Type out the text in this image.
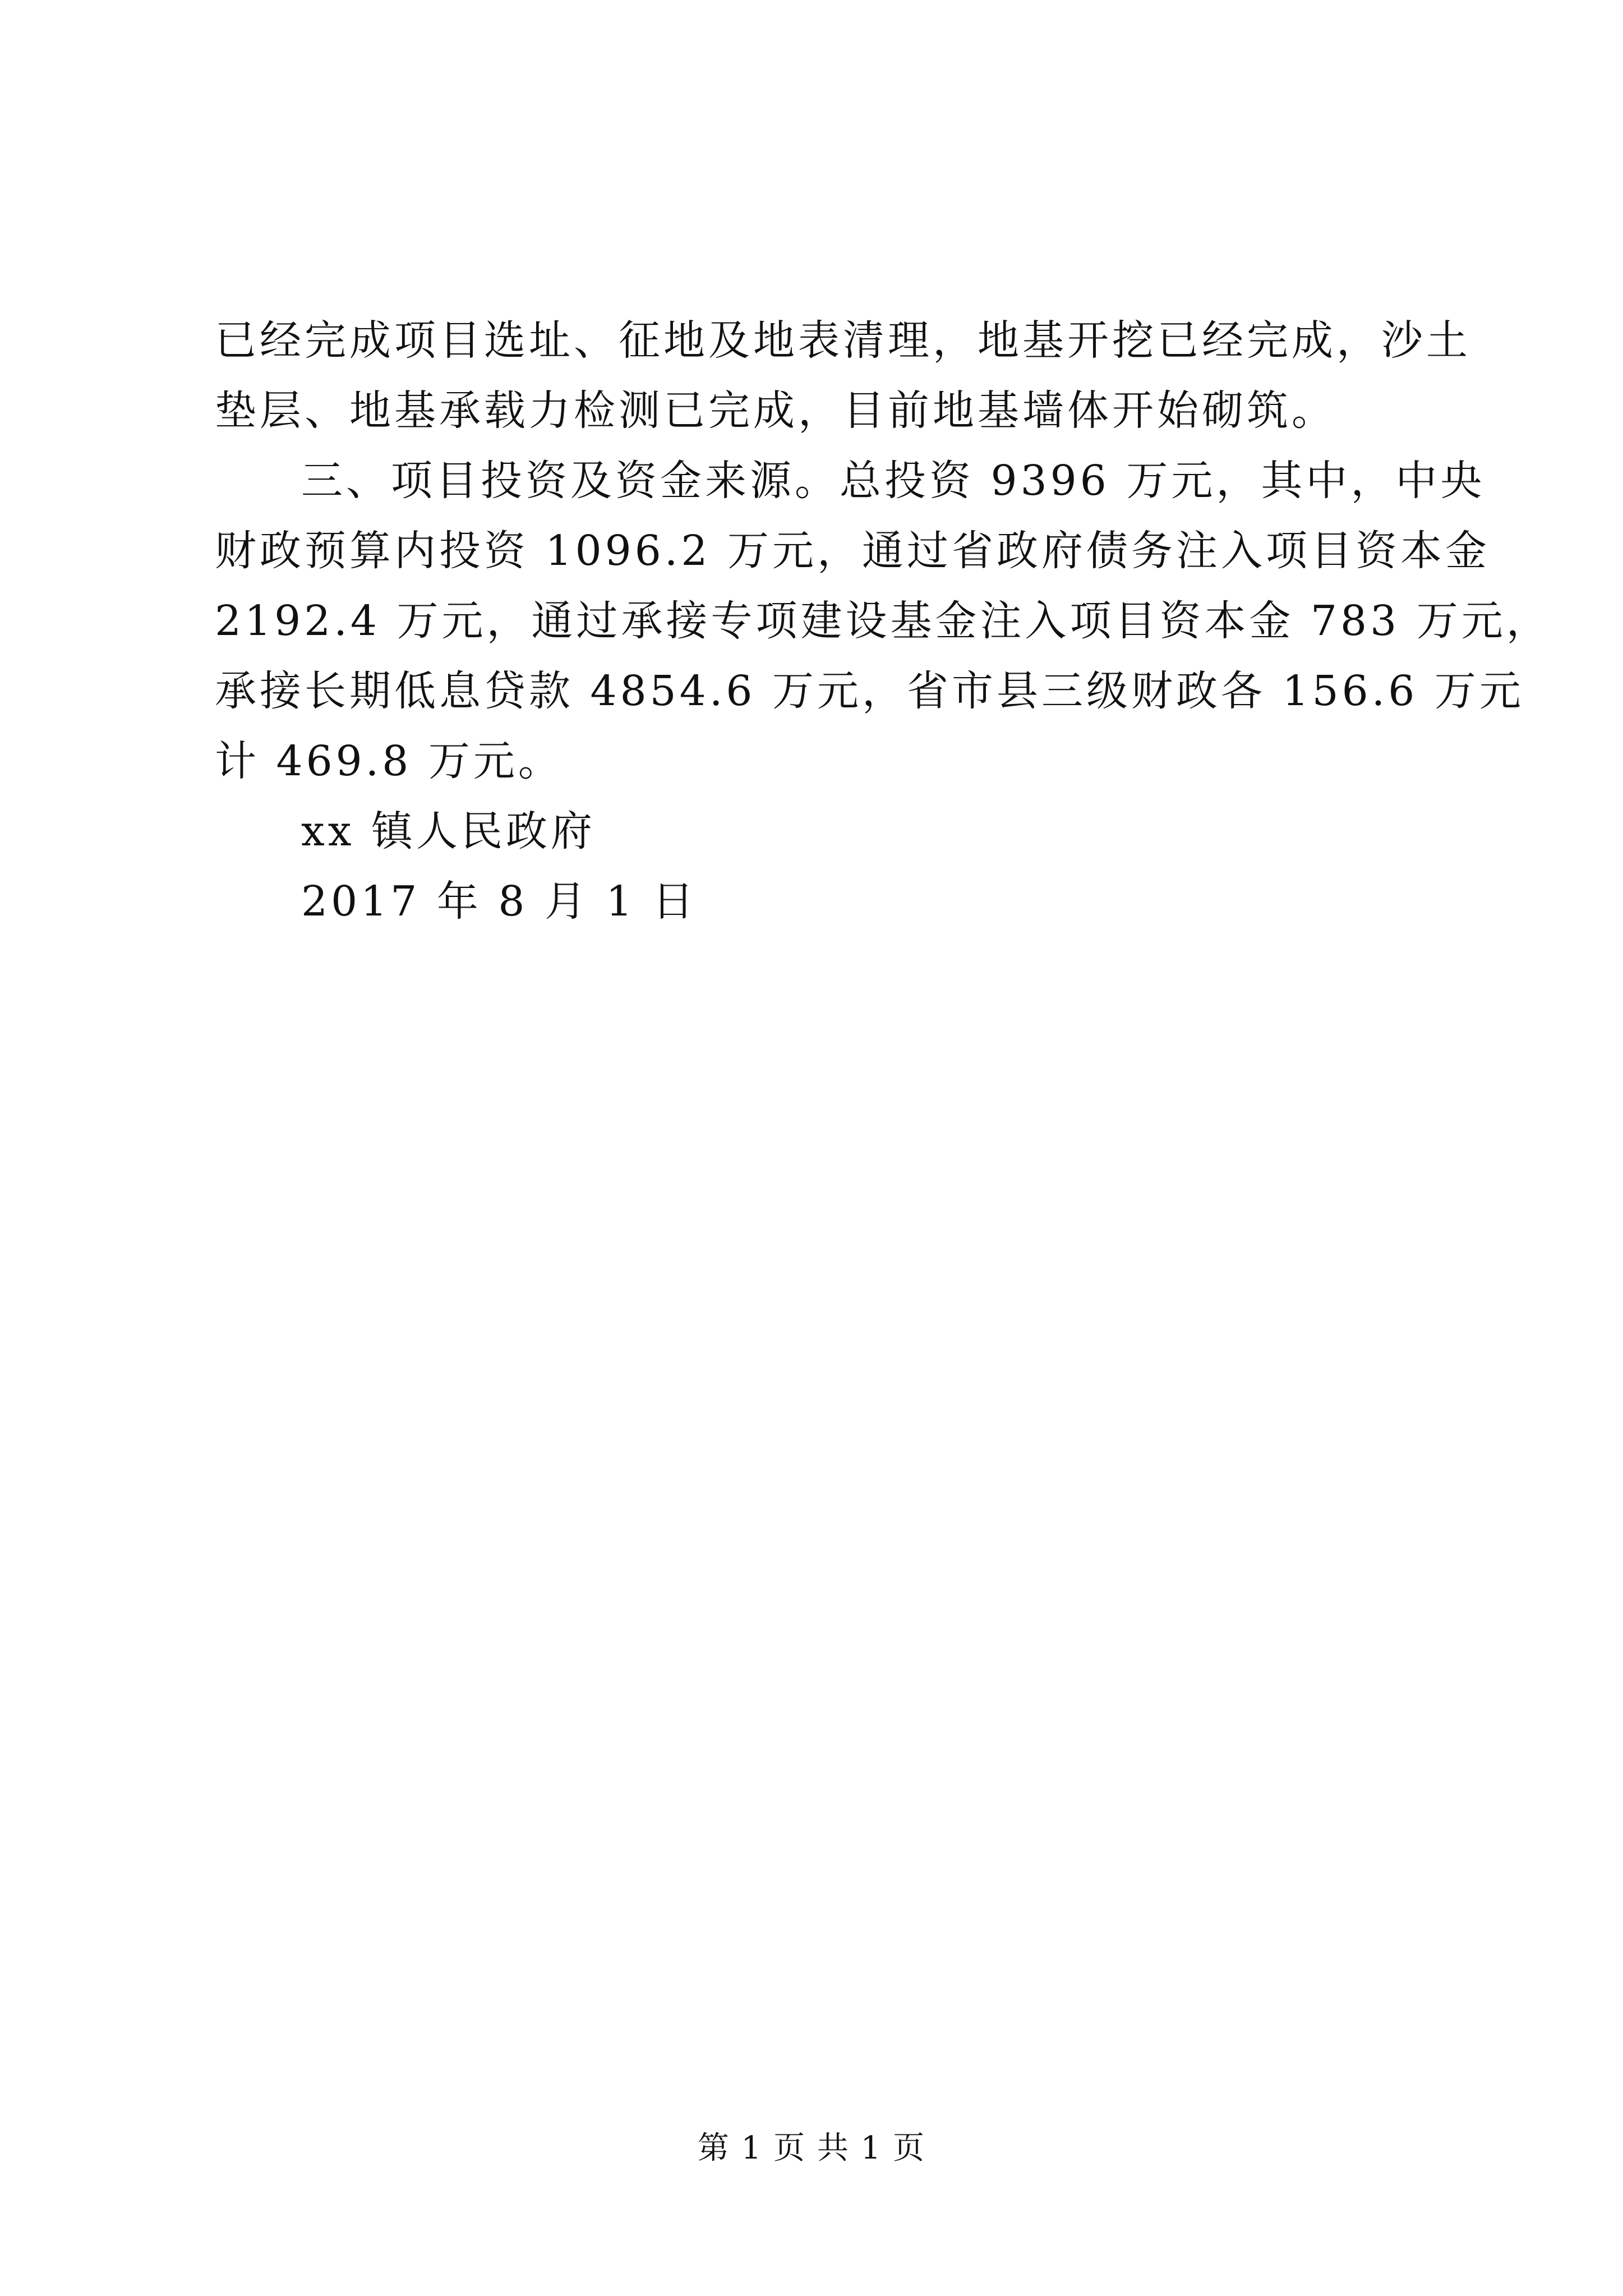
已经完成项目选址、征地及地表清理，地基开挖已经完成，沙土

垫层、地基承载力检测已完成，目前地基墙体开始砌筑。

三、项目投资及资金来源。总投资 9396 万元，其中，中央

财政预算内投资 1096.2 万元，通过省政府债务注入项目资本金

2192.4 万元，通过承接专项建设基金注入项目资本金 783 万元，

承接长期低息贷款 4854.6 万元，省市县三级财政各 156.6 万元

计 469.8 万元。

xx 镇人民政府

2017 年 8 月 1 日

第 1 页 共 1 页
